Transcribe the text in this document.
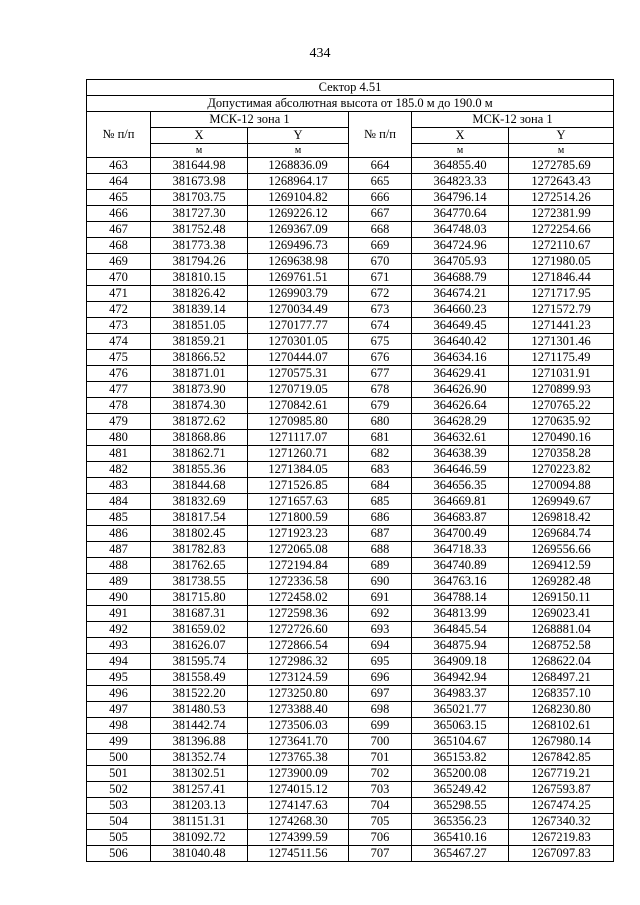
434
Сектор 4.51					
Допустимая абсолютная высота от 185.0 м до 190.0 м					
№ п/п	МСК-12 зона 1		№ п/п	МСК-12 зона 1	
	X	Y		X	Y
	м	м		м	м
463	381644.98	1268836.09	664	364855.40	1272785.69
464	381673.98	1268964.17	665	364823.33	1272643.43
465	381703.75	1269104.82	666	364796.14	1272514.26
466	381727.30	1269226.12	667	364770.64	1272381.99
467	381752.48	1269367.09	668	364748.03	1272254.66
468	381773.38	1269496.73	669	364724.96	1272110.67
469	381794.26	1269638.98	670	364705.93	1271980.05
470	381810.15	1269761.51	671	364688.79	1271846.44
471	381826.42	1269903.79	672	364674.21	1271717.95
472	381839.14	1270034.49	673	364660.23	1271572.79
473	381851.05	1270177.77	674	364649.45	1271441.23
474	381859.21	1270301.05	675	364640.42	1271301.46
475	381866.52	1270444.07	676	364634.16	1271175.49
476	381871.01	1270575.31	677	364629.41	1271031.91
477	381873.90	1270719.05	678	364626.90	1270899.93
478	381874.30	1270842.61	679	364626.64	1270765.22
479	381872.62	1270985.80	680	364628.29	1270635.92
480	381868.86	1271117.07	681	364632.61	1270490.16
481	381862.71	1271260.71	682	364638.39	1270358.28
482	381855.36	1271384.05	683	364646.59	1270223.82
483	381844.68	1271526.85	684	364656.35	1270094.88
484	381832.69	1271657.63	685	364669.81	1269949.67
485	381817.54	1271800.59	686	364683.87	1269818.42
486	381802.45	1271923.23	687	364700.49	1269684.74
487	381782.83	1272065.08	688	364718.33	1269556.66
488	381762.65	1272194.84	689	364740.89	1269412.59
489	381738.55	1272336.58	690	364763.16	1269282.48
490	381715.80	1272458.02	691	364788.14	1269150.11
491	381687.31	1272598.36	692	364813.99	1269023.41
492	381659.02	1272726.60	693	364845.54	1268881.04
493	381626.07	1272866.54	694	364875.94	1268752.58
494	381595.74	1272986.32	695	364909.18	1268622.04
495	381558.49	1273124.59	696	364942.94	1268497.21
496	381522.20	1273250.80	697	364983.37	1268357.10
497	381480.53	1273388.40	698	365021.77	1268230.80
498	381442.74	1273506.03	699	365063.15	1268102.61
499	381396.88	1273641.70	700	365104.67	1267980.14
500	381352.74	1273765.38	701	365153.82	1267842.85
501	381302.51	1273900.09	702	365200.08	1267719.21
502	381257.41	1274015.12	703	365249.42	1267593.87
503	381203.13	1274147.63	704	365298.55	1267474.25
504	381151.31	1274268.30	705	365356.23	1267340.32
505	381092.72	1274399.59	706	365410.16	1267219.83
506	381040.48	1274511.56	707	365467.27	1267097.83
